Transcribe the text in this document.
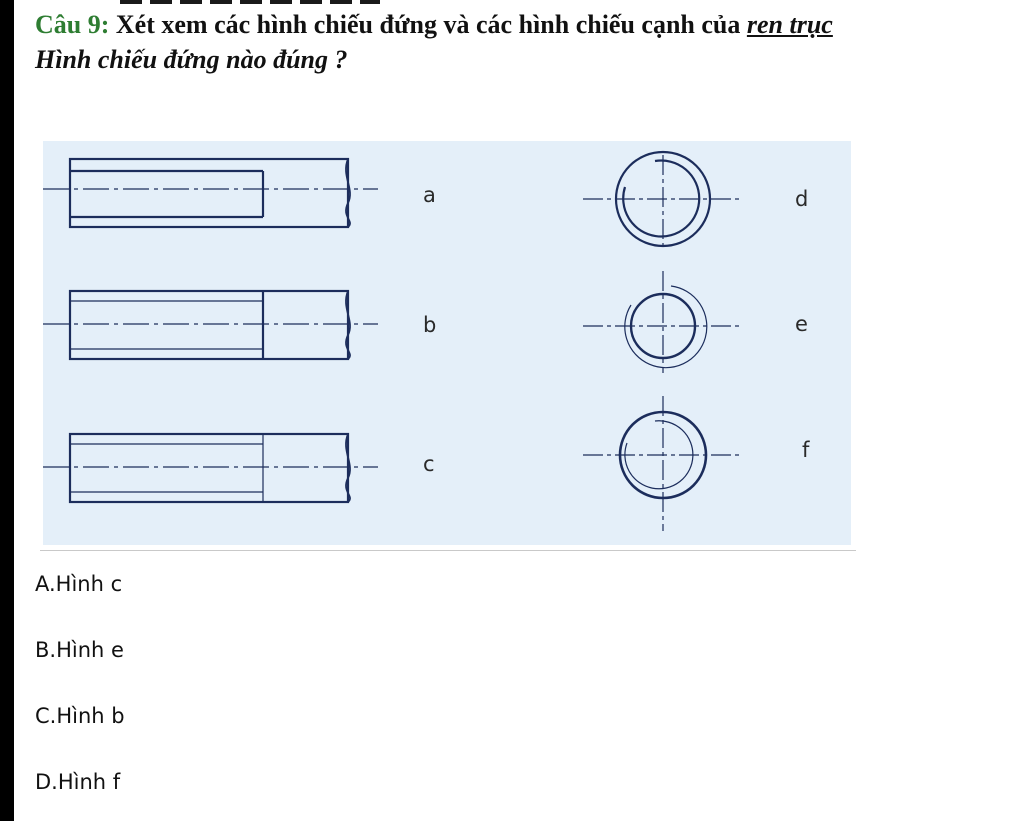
Câu 9: Xét xem các hình chiếu đứng và các hình chiếu cạnh của ren trục
Hình chiếu đứng nào đúng ?
a
b
c
d
e
f
A.Hình c
B.Hình e
C.Hình b
D.Hình f
